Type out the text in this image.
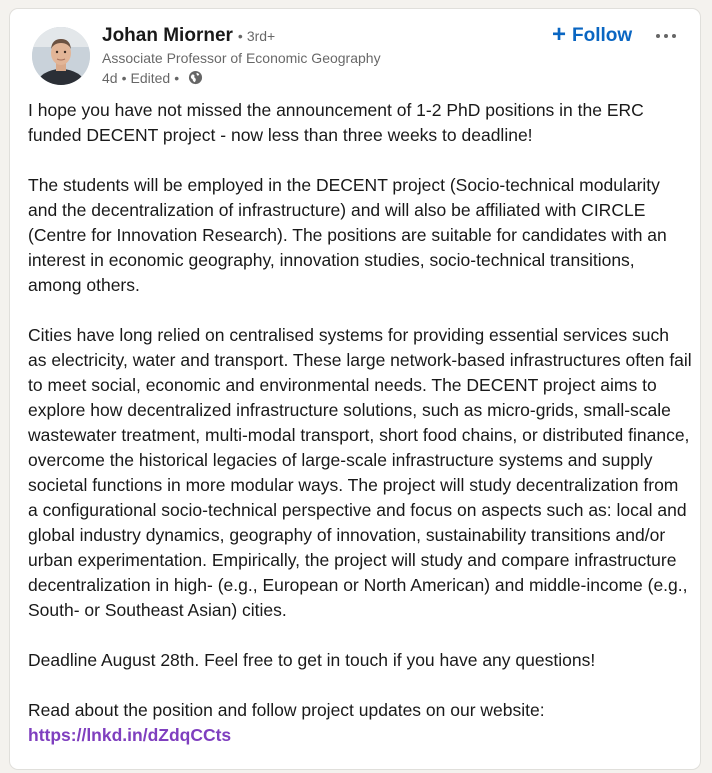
Johan Miorner • 3rd+
Associate Professor of Economic Geography
4d • Edited •
+ Follow

I hope you have not missed the announcement of 1-2 PhD positions in the ERC funded DECENT project - now less than three weeks to deadline!

The students will be employed in the DECENT project (Socio-technical modularity and the decentralization of infrastructure) and will also be affiliated with CIRCLE (Centre for Innovation Research). The positions are suitable for candidates with an interest in economic geography, innovation studies, socio-technical transitions, among others.

Cities have long relied on centralised systems for providing essential services such as electricity, water and transport. These large network-based infrastructures often fail to meet social, economic and environmental needs. The DECENT project aims to explore how decentralized infrastructure solutions, such as micro-grids, small-scale wastewater treatment, multi-modal transport, short food chains, or distributed finance, overcome the historical legacies of large-scale infrastructure systems and supply societal functions in more modular ways. The project will study decentralization from a configurational socio-technical perspective and focus on aspects such as: local and global industry dynamics, geography of innovation, sustainability transitions and/or urban experimentation. Empirically, the project will study and compare infrastructure decentralization in high- (e.g., European or North American) and middle-income (e.g., South- or Southeast Asian) cities.

Deadline August 28th. Feel free to get in touch if you have any questions!

Read about the position and follow project updates on our website: https://lnkd.in/dZdqCCts
